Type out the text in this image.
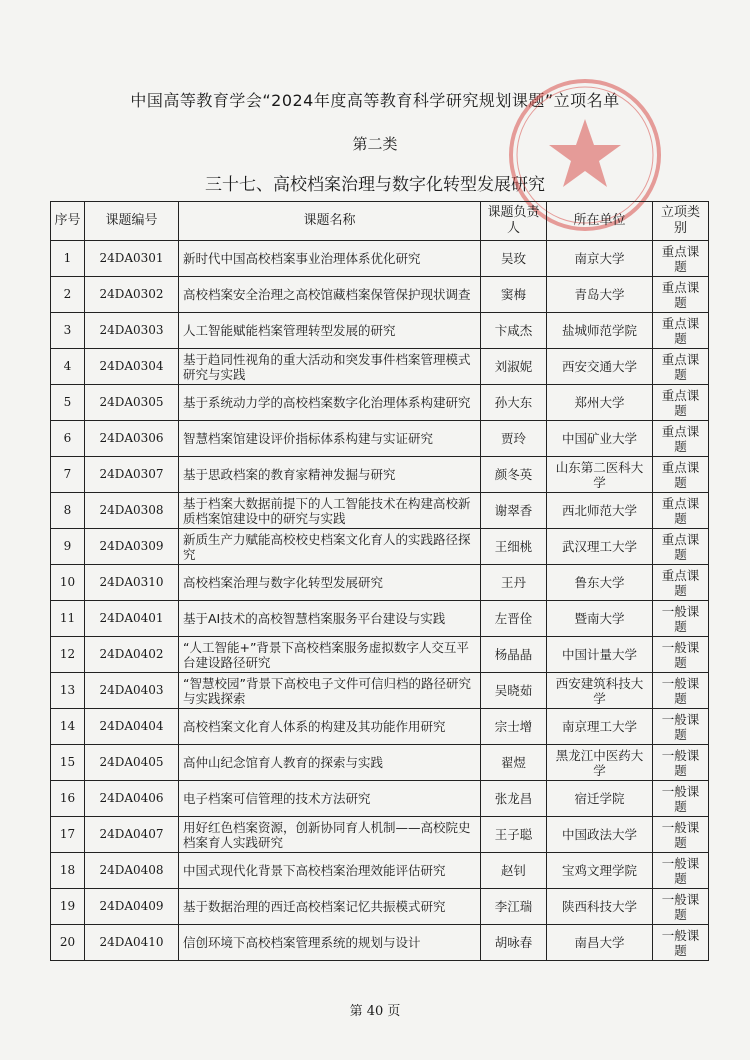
中国高等教育学会“2024年度高等教育科学研究规划课题”立项名单
第二类
三十七、高校档案治理与数字化转型发展研究
序号	课题编号	课题名称	课题负责人	所在单位	立项类别
1	24DA0301	新时代中国高校档案事业治理体系优化研究	吴玫	南京大学	重点课题
2	24DA0302	高校档案安全治理之高校馆藏档案保管保护现状调查	窦梅	青岛大学	重点课题
3	24DA0303	人工智能赋能档案管理转型发展的研究	卞咸杰	盐城师范学院	重点课题
4	24DA0304	基于趋同性视角的重大活动和突发事件档案管理模式研究与实践	刘淑妮	西安交通大学	重点课题
5	24DA0305	基于系统动力学的高校档案数字化治理体系构建研究	孙大东	郑州大学	重点课题
6	24DA0306	智慧档案馆建设评价指标体系构建与实证研究	贾玲	中国矿业大学	重点课题
7	24DA0307	基于思政档案的教育家精神发掘与研究	颜冬英	山东第二医科大学	重点课题
8	24DA0308	基于档案大数据前提下的人工智能技术在构建高校新质档案馆建设中的研究与实践	谢翠香	西北师范大学	重点课题
9	24DA0309	新质生产力赋能高校校史档案文化育人的实践路径探究	王细桃	武汉理工大学	重点课题
10	24DA0310	高校档案治理与数字化转型发展研究	王丹	鲁东大学	重点课题
11	24DA0401	基于AI技术的高校智慧档案服务平台建设与实践	左晋佺	暨南大学	一般课题
12	24DA0402	“人工智能+”背景下高校档案服务虚拟数字人交互平台建设路径研究	杨晶晶	中国计量大学	一般课题
13	24DA0403	“智慧校园”背景下高校电子文件可信归档的路径研究与实践探索	吴晓茹	西安建筑科技大学	一般课题
14	24DA0404	高校档案文化育人体系的构建及其功能作用研究	宗士增	南京理工大学	一般课题
15	24DA0405	高仲山纪念馆育人教育的探索与实践	翟煜	黑龙江中医药大学	一般课题
16	24DA0406	电子档案可信管理的技术方法研究	张龙昌	宿迁学院	一般课题
17	24DA0407	用好红色档案资源，创新协同育人机制——高校院史档案育人实践研究	王子聪	中国政法大学	一般课题
18	24DA0408	中国式现代化背景下高校档案治理效能评估研究	赵钊	宝鸡文理学院	一般课题
19	24DA0409	基于数据治理的西迁高校档案记忆共振模式研究	李江瑞	陕西科技大学	一般课题
20	24DA0410	信创环境下高校档案管理系统的规划与设计	胡咏春	南昌大学	一般课题
第 40 页
